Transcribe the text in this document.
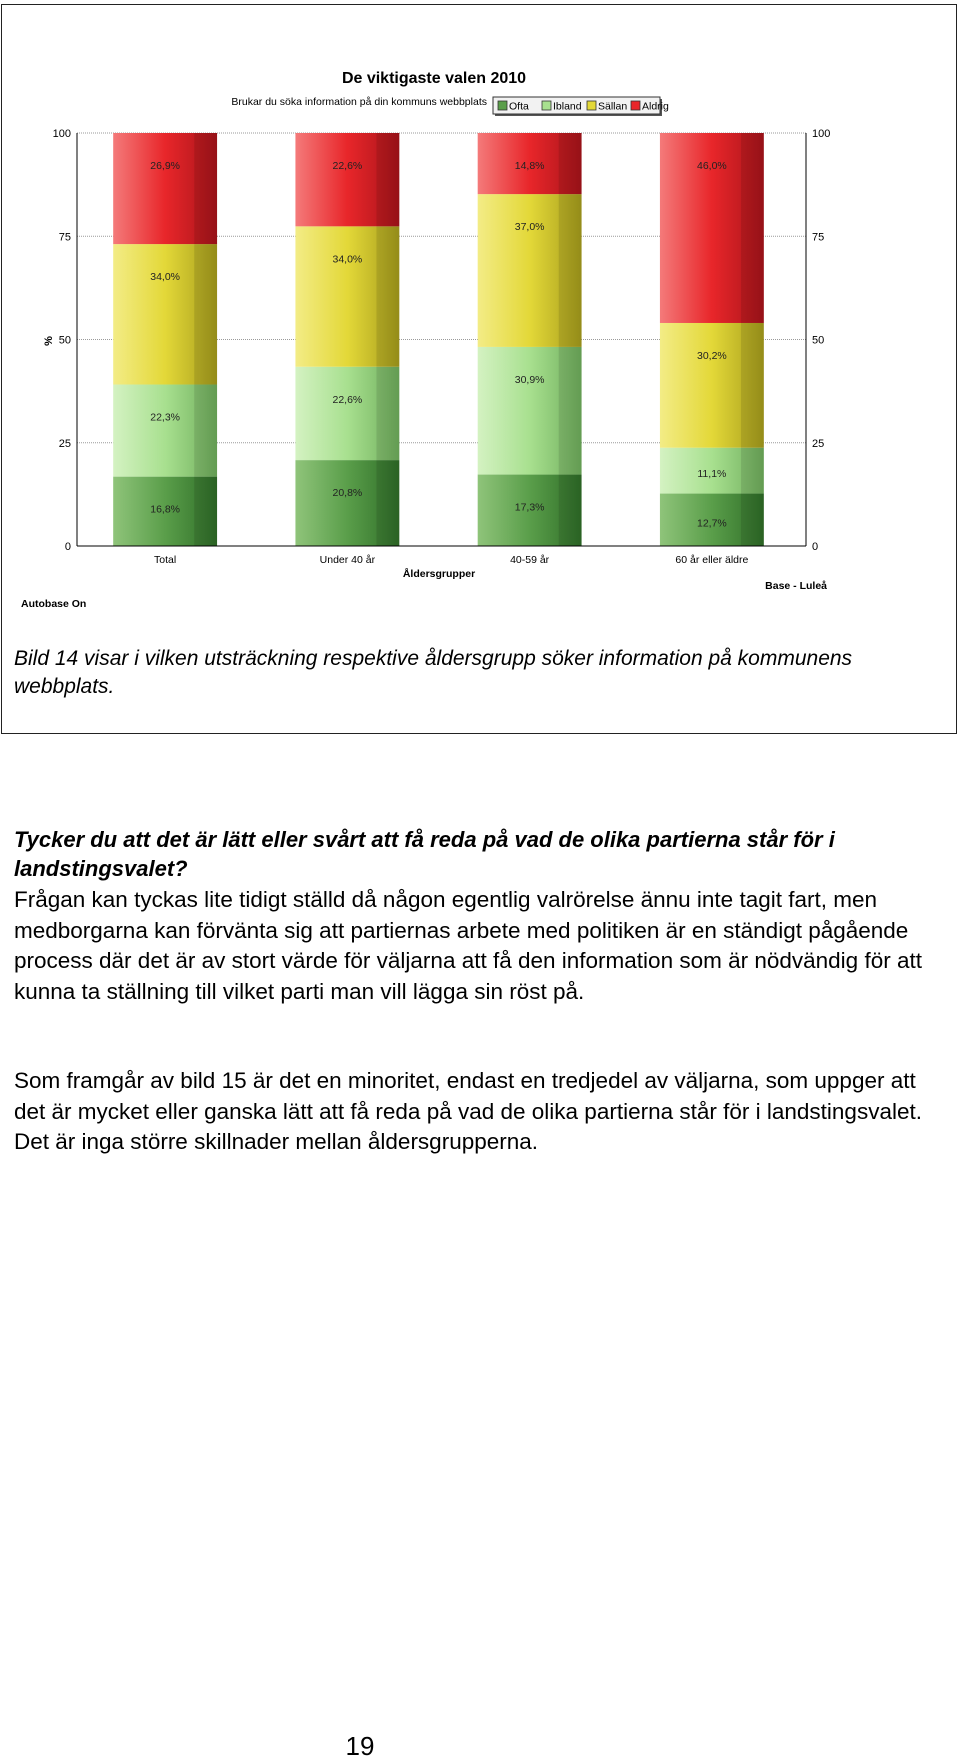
De viktigaste valen 2010
Brukar du söka information på din kommuns webbplats Ofta Ibland Sällan Aldrig
16,8%
22,3%
34,0%
26,9%
20,8%
22,6%
34,0%
22,6%
17,3%
30,9%
37,0%
14,8%
12,7%
11,1%
30,2%
46,0%
0	0
25	25
50	50
75	75
100	100
Total	Under 40 år	40-59 år	60 år eller äldre
%
Åldersgrupper
Autobase On
Base - Luleå
Bild 14 visar i vilken utsträckning respektive åldersgrupp söker information på kommunens webbplats.
Tycker du att det är lätt eller svårt att få reda på vad de olika partierna står för i landstingsvalet?
Frågan kan tyckas lite tidigt ställd då någon egentlig valrörelse ännu inte tagit fart, men medborgarna kan förvänta sig att partiernas arbete med politiken är en ständigt pågående process där det är av stort värde för väljarna att få den information som är nödvändig för att kunna ta ställning till vilket parti man vill lägga sin röst på.
Som framgår av bild 15 är det en minoritet, endast en tredjedel av väljarna, som uppger att det är mycket eller ganska lätt att få reda på vad de olika partierna står för i landstingsvalet. Det är inga större skillnader mellan åldersgrupperna.
19
